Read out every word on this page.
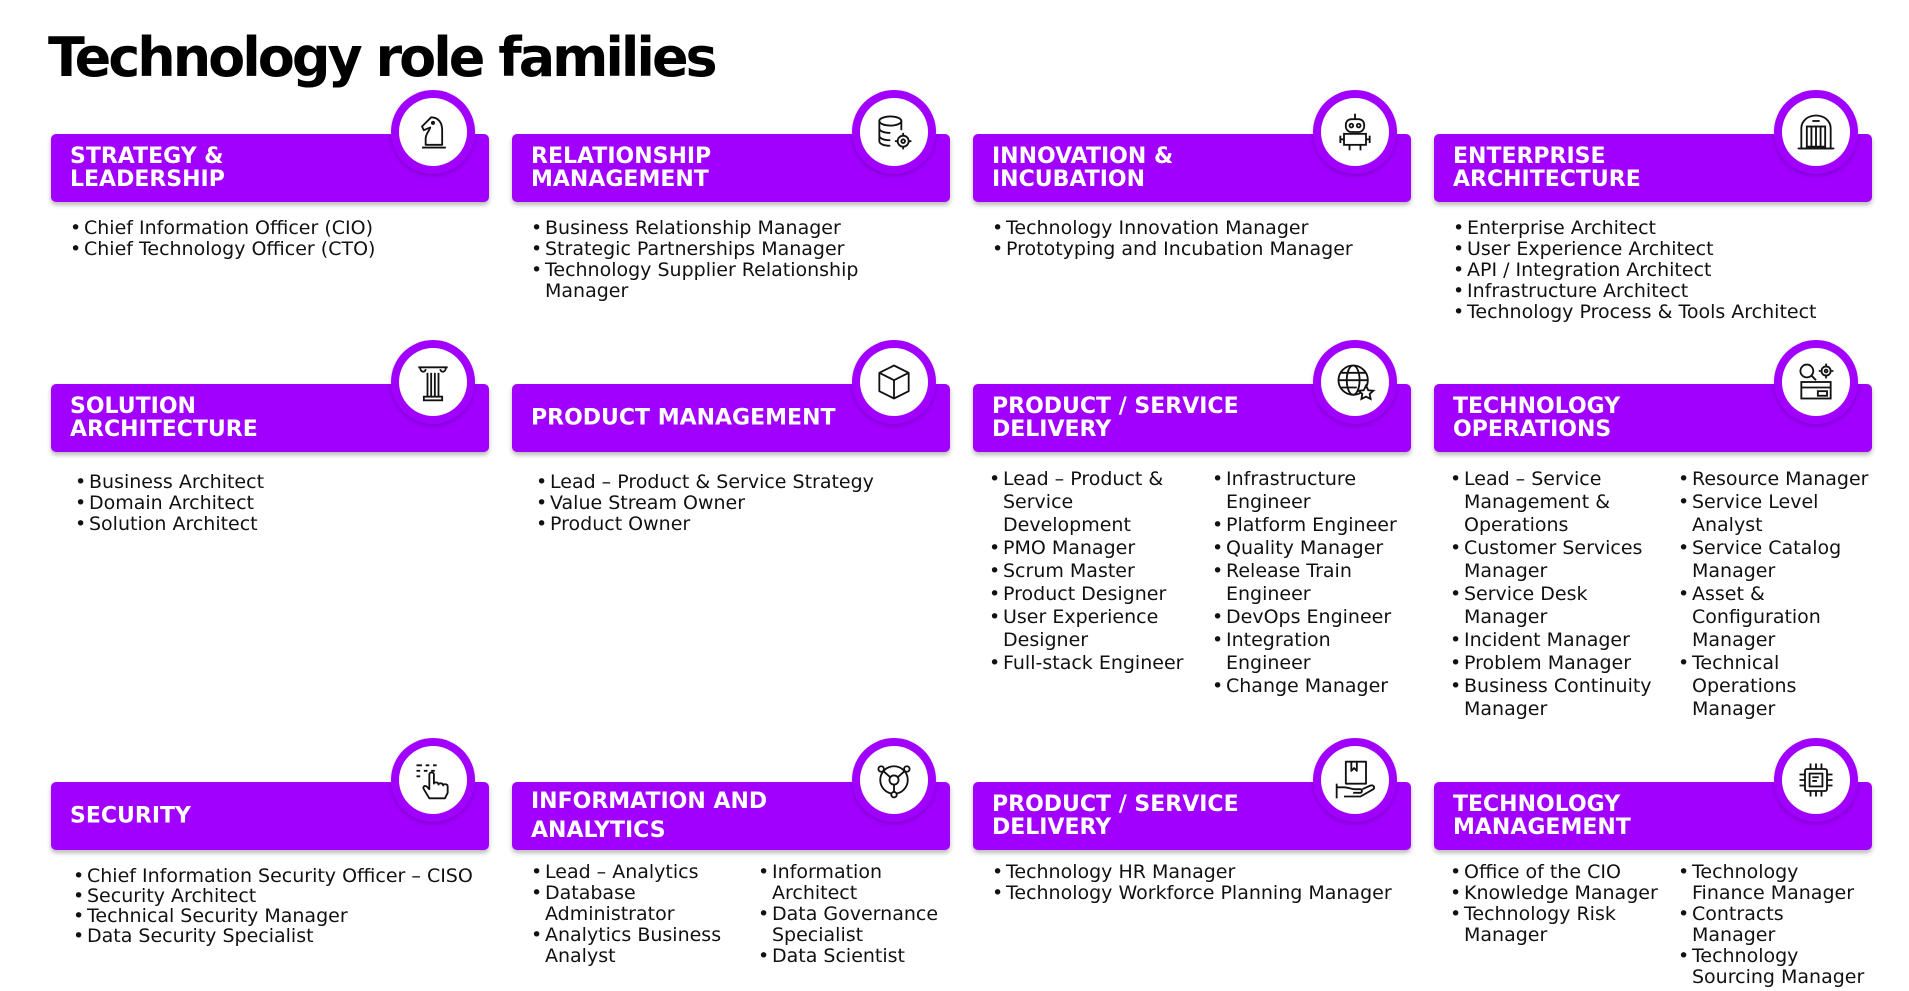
Technology role families
STRATEGY & LEADERSHIP
• Chief Information Officer (CIO)
• Chief Technology Officer (CTO)
RELATIONSHIP MANAGEMENT
• Business Relationship Manager
• Strategic Partnerships Manager
• Technology Supplier Relationship Manager
INNOVATION & INCUBATION
• Technology Innovation Manager
• Prototyping and Incubation Manager
ENTERPRISE ARCHITECTURE
• Enterprise Architect
• User Experience Architect
• API / Integration Architect
• Infrastructure Architect
• Technology Process & Tools Architect
SOLUTION ARCHITECTURE
• Business Architect
• Domain Architect
• Solution Architect
PRODUCT MANAGEMENT
• Lead – Product & Service Strategy
• Value Stream Owner
• Product Owner
PRODUCT / SERVICE DELIVERY
• Lead – Product & Service Development
• PMO Manager
• Scrum Master
• Product Designer
• User Experience Designer
• Full-stack Engineer
• Infrastructure Engineer
• Platform Engineer
• Quality Manager
• Release Train Engineer
• DevOps Engineer
• Integration Engineer
• Change Manager
TECHNOLOGY OPERATIONS
• Lead – Service Management & Operations
• Customer Services Manager
• Service Desk Manager
• Incident Manager
• Problem Manager
• Business Continuity Manager
• Resource Manager
• Service Level Analyst
• Service Catalog Manager
• Asset & Configuration Manager
• Technical Operations Manager
SECURITY
• Chief Information Security Officer – CISO
• Security Architect
• Technical Security Manager
• Data Security Specialist
INFORMATION AND ANALYTICS
• Lead – Analytics
• Database Administrator
• Analytics Business Analyst
• Information Architect
• Data Governance Specialist
• Data Scientist
PRODUCT / SERVICE DELIVERY
• Technology HR Manager
• Technology Workforce Planning Manager
TECHNOLOGY MANAGEMENT
• Office of the CIO
• Knowledge Manager
• Technology Risk Manager
• Technology Finance Manager
• Contracts Manager
• Technology Sourcing Manager
